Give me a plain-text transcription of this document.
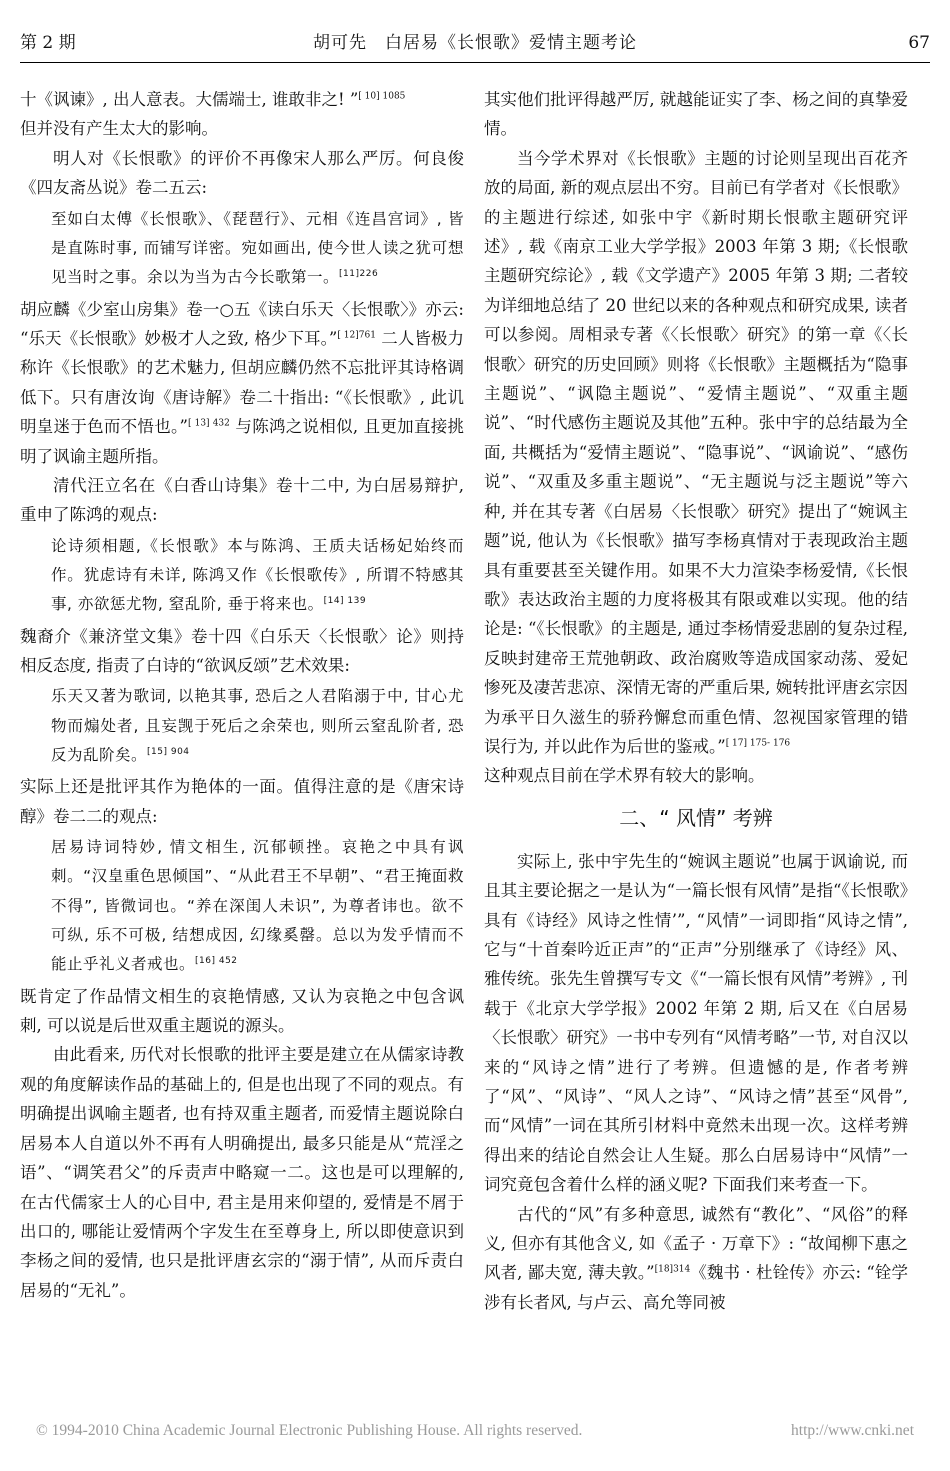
第 2 期	胡可先　白居易《长恨歌》爱情主题考论	67

十《讽谏》, 出人意表。大儒端士, 谁敢非之! ”$^{[ 10] 1085}$
但并没有产生太大的影响。

明人对《长恨歌》的评价不再像宋人那么严厉。何良俊《四友斋丛说》卷二五云:

至如白太傅《长恨歌》、《琵琶行》、元相《连昌宫词》, 皆是直陈时事, 而铺写详密。宛如画出, 使今世人读之犹可想见当时之事。余以为当为古今长歌第一。$^{[11]226}$

胡应麟《少室山房集》卷一○五《读白乐天〈长恨歌〉》亦云: “乐天《长恨歌》妙极才人之致, 格少下耳。”$^{[ 12]761}$ 二人皆极力称许《长恨歌》的艺术魅力, 但胡应麟仍然不忘批评其诗格调低下。只有唐汝询《唐诗解》卷二十指出: “《长恨歌》, 此讥明皇迷于色而不悟也。”$^{[ 13] 432}$ 与陈鸿之说相似, 且更加直接挑明了讽谕主题所指。

清代汪立名在《白香山诗集》卷十二中, 为白居易辩护, 重申了陈鸿的观点:

论诗须相题,《长恨歌》本与陈鸿、王质夫话杨妃始终而作。犹虑诗有未详, 陈鸿又作《长恨歌传》, 所谓不特感其事, 亦欲惩尤物, 窒乱阶, 垂于将来也。$^{[14] 139}$

魏裔介《兼济堂文集》卷十四《白乐天〈长恨歌〉论》则持相反态度, 指责了白诗的“欲讽反颂”艺术效果:

乐天又著为歌词, 以艳其事, 恐后之人君陷溺于中, 甘心尤物而煽处者, 且妄觊于死后之余荣也, 则所云窒乱阶者, 恐反为乱阶矣。$^{[15] 904}$

实际上还是批评其作为艳体的一面。值得注意的是《唐宋诗醇》卷二二的观点:

居易诗词特妙, 情文相生, 沉郁顿挫。哀艳之中具有讽刺。“汉皇重色思倾国”、“从此君王不早朝”、“君王掩面救不得”, 皆微词也。“养在深闺人未识”, 为尊者讳也。欲不可纵, 乐不可极, 结想成因, 幻缘奚罄。总以为发乎情而不能止乎礼义者戒也。$^{[16] 452}$

既肯定了作品情文相生的哀艳情感, 又认为哀艳之中包含讽刺, 可以说是后世双重主题说的源头。

由此看来, 历代对长恨歌的批评主要是建立在从儒家诗教观的角度解读作品的基础上的, 但是也出现了不同的观点。有明确提出讽喻主题者, 也有持双重主题者, 而爱情主题说除白居易本人自道以外不再有人明确提出, 最多只能是从“荒淫之语”、“调笑君父”的斥责声中略窥一二。这也是可以理解的, 在古代儒家士人的心目中, 君主是用来仰望的, 爱情是不屑于出口的, 哪能让爱情两个字发生在至尊身上, 所以即使意识到李杨之间的爱情, 也只是批评唐玄宗的“溺于情”, 从而斥责白居易的“无礼”。

其实他们批评得越严厉, 就越能证实了李、杨之间的真挚爱情。

当今学术界对《长恨歌》主题的讨论则呈现出百花齐放的局面, 新的观点层出不穷。目前已有学者对《长恨歌》的主题进行综述, 如张中宇《新时期长恨歌主题研究评述》, 载《南京工业大学学报》2003 年第 3 期;《长恨歌主题研究综论》, 载《文学遗产》2005 年第 3 期; 二者较为详细地总结了 20 世纪以来的各种观点和研究成果, 读者可以参阅。周相录专著《〈长恨歌〉研究》的第一章《〈长恨歌〉研究的历史回顾》则将《长恨歌》主题概括为“隐事主题说”、“讽隐主题说”、“爱情主题说”、“双重主题说”、“时代感伤主题说及其他”五种。张中宇的总结最为全面, 共概括为“爱情主题说”、“隐事说”、“讽谕说”、“感伤说”、“双重及多重主题说”、“无主题说与泛主题说”等六种, 并在其专著《白居易〈长恨歌〉研究》提出了“婉讽主题”说, 他认为《长恨歌》描写李杨真情对于表现政治主题具有重要甚至关键作用。如果不大力渲染李杨爱情,《长恨歌》表达政治主题的力度将极其有限或难以实现。他的结论是: “《长恨歌》的主题是, 通过李杨情爱悲剧的复杂过程, 反映封建帝王荒弛朝政、政治腐败等造成国家动荡、爱妃惨死及凄苦悲凉、深情无寄的严重后果, 婉转批评唐玄宗因为承平日久滋生的骄矜懈怠而重色情、忽视国家管理的错误行为, 并以此作为后世的鉴戒。”$^{[ 17] 175- 176}$
这种观点目前在学术界有较大的影响。

二、“ 风情” 考辨

实际上, 张中宇先生的“婉讽主题说”也属于讽谕说, 而且其主要论据之一是认为“一篇长恨有风情”是指“《长恨歌》具有《诗经》风诗之性情’”, “风情”一词即指“风诗之情”, 它与“十首秦吟近正声”的“正声”分别继承了《诗经》风、雅传统。张先生曾撰写专文《“一篇长恨有风情”考辨》, 刊载于《北京大学学报》2002 年第 2 期, 后又在《白居易〈长恨歌〉研究》一书中专列有“风情考略”一节, 对自汉以来的“风诗之情”进行了考辨。但遗憾的是, 作者考辨了“风”、“风诗”、“风人之诗”、“风诗之情”甚至“风骨”, 而“风情”一词在其所引材料中竟然未出现一次。这样考辨得出来的结论自然会让人生疑。那么白居易诗中“风情”一词究竟包含着什么样的涵义呢? 下面我们来考查一下。

古代的“风”有多种意思, 诚然有“教化”、“风俗”的释义, 但亦有其他含义, 如《孟子 · 万章下》: “故闻柳下惠之风者, 鄙夫宽, 薄夫敦。”$^{[18]314}$《魏书 · 杜铨传》亦云: “铨学涉有长者风, 与卢云、高允等同被

© 1994-2010 China Academic Journal Electronic Publishing House. All rights reserved.	http://www.cnki.net
